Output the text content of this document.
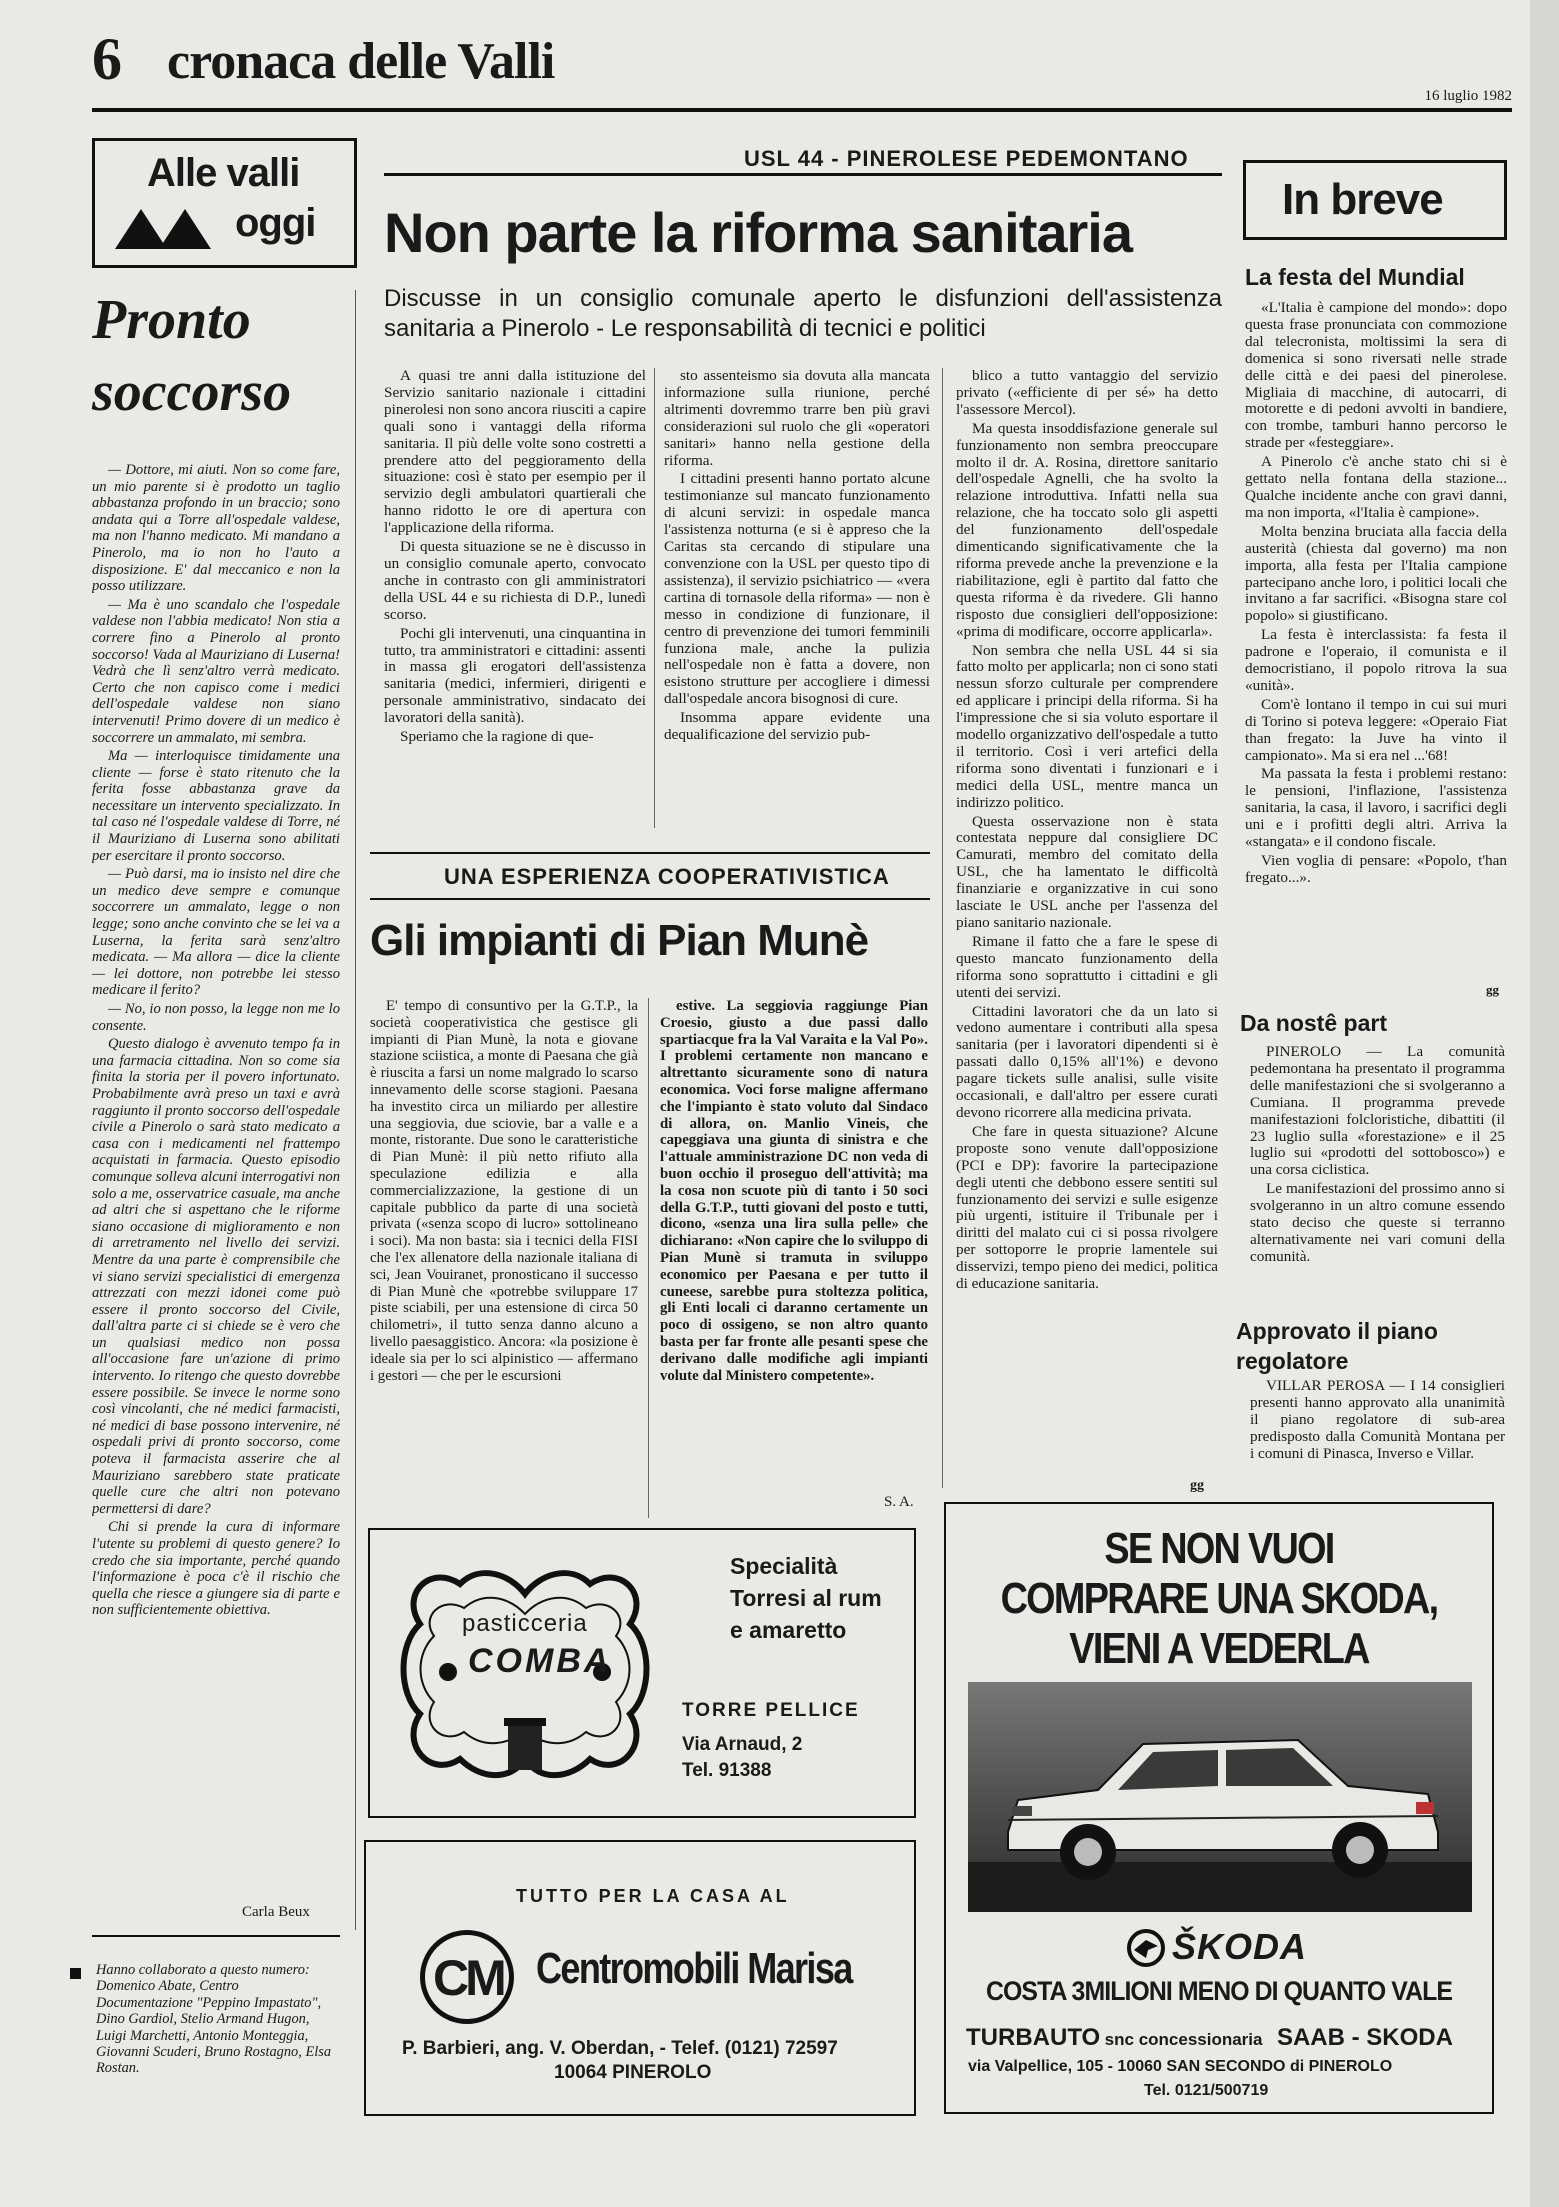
6 cronaca delle Valli
16 luglio 1982
Alle valli
oggi
Pronto
soccorso

— Dottore, mi aiuti. Non so come fare, un mio parente si è prodotto un taglio abbastanza profondo in un braccio; sono andata qui a Torre all'ospedale valdese, ma non l'hanno medicato. Mi mandano a Pinerolo, ma io non ho l'auto a disposizione. E' dal meccanico e non la posso utilizzare.

— Ma è uno scandalo che l'ospedale valdese non l'abbia medicato! Non stia a correre fino a Pinerolo al pronto soccorso! Vada al Mauriziano di Luserna! Vedrà che lì senz'altro verrà medicato. Certo che non capisco come i medici dell'ospedale valdese non siano intervenuti! Primo dovere di un medico è soccorrere un ammalato, mi sembra.

Ma — interloquisce timidamente una cliente — forse è stato ritenuto che la ferita fosse abbastanza grave da necessitare un intervento specializzato. In tal caso né l'ospedale valdese di Torre, né il Mauriziano di Luserna sono abilitati per esercitare il pronto soccorso.

— Può darsi, ma io insisto nel dire che un medico deve sempre e comunque soccorrere un ammalato, legge o non legge; sono anche convinto che se lei va a Luserna, la ferita sarà senz'altro medicata. — Ma allora — dice la cliente — lei dottore, non potrebbe lei stesso medicare il ferito?

— No, io non posso, la legge non me lo consente.

Questo dialogo è avvenuto tempo fa in una farmacia cittadina. Non so come sia finita la storia per il povero infortunato. Probabilmente avrà preso un taxi e avrà raggiunto il pronto soccorso dell'ospedale civile a Pinerolo o sarà stato medicato a casa con i medicamenti nel frattempo acquistati in farmacia. Questo episodio comunque solleva alcuni interrogativi non solo a me, osservatrice casuale, ma anche ad altri che si aspettano che le riforme siano occasione di miglioramento e non di arretramento nel livello dei servizi. Mentre da una parte è comprensibile che vi siano servizi specialistici di emergenza attrezzati con mezzi idonei come può essere il pronto soccorso del Civile, dall'altra parte ci si chiede se è vero che un qualsiasi medico non possa all'occasione fare un'azione di primo intervento. Io ritengo che questo dovrebbe essere possibile. Se invece le norme sono così vincolanti, che né medici farmacisti, né medici di base possono intervenire, né ospedali privi di pronto soccorso, come poteva il farmacista asserire che al Mauriziano sarebbero state praticate quelle cure che altri non potevano permettersi di dare?

Chi si prende la cura di informare l'utente su problemi di questo genere? Io credo che sia importante, perché quando l'informazione è poca c'è il rischio che quella che riesce a giungere sia di parte e non sufficientemente obiettiva.

Carla Beux
Hanno collaborato a questo numero: Domenico Abate, Centro Documentazione "Peppino Impastato", Dino Gardiol, Stelio Armand Hugon, Luigi Marchetti, Antonio Monteggia, Giovanni Scuderi, Bruno Rostagno, Elsa Rostan.
USL 44 - PINEROLESE PEDEMONTANO
Non parte la riforma sanitaria
Discusse in un consiglio comunale aperto le disfunzioni dell'assistenza sanitaria a Pinerolo - Le responsabilità di tecnici e politici

A quasi tre anni dalla istituzione del Servizio sanitario nazionale i cittadini pinerolesi non sono ancora riusciti a capire quali sono i vantaggi della riforma sanitaria. Il più delle volte sono costretti a prendere atto del peggioramento della situazione: così è stato per esempio per il servizio degli ambulatori quartierali che hanno ridotto le ore di apertura con l'applicazione della riforma.

Di questa situazione se ne è discusso in un consiglio comunale aperto, convocato anche in contrasto con gli amministratori della USL 44 e su richiesta di D.P., lunedì scorso.

Pochi gli intervenuti, una cinquantina in tutto, tra amministratori e cittadini: assenti in massa gli erogatori dell'assistenza sanitaria (medici, infermieri, dirigenti e personale amministrativo, sindacato dei lavoratori della sanità).

Speriamo che la ragione di que-

sto assenteismo sia dovuta alla mancata informazione sulla riunione, perché altrimenti dovremmo trarre ben più gravi considerazioni sul ruolo che gli «operatori sanitari» hanno nella gestione della riforma.

I cittadini presenti hanno portato alcune testimonianze sul mancato funzionamento di alcuni servizi: in ospedale manca l'assistenza notturna (e si è appreso che la Caritas sta cercando di stipulare una convenzione con la USL per questo tipo di assistenza), il servizio psichiatrico — «vera cartina di tornasole della riforma» — non è messo in condizione di funzionare, il centro di prevenzione dei tumori femminili funziona male, anche la pulizia nell'ospedale non è fatta a dovere, non esistono strutture per accogliere i dimessi dall'ospedale ancora bisognosi di cure.

Insomma appare evidente una dequalificazione del servizio pub-

blico a tutto vantaggio del servizio privato («efficiente di per sé» ha detto l'assessore Mercol).

Ma questa insoddisfazione generale sul funzionamento non sembra preoccupare molto il dr. A. Rosina, direttore sanitario dell'ospedale Agnelli, che ha svolto la relazione introduttiva. Infatti nella sua relazione, che ha toccato solo gli aspetti del funzionamento dell'ospedale dimenticando significativamente che la riforma prevede anche la prevenzione e la riabilitazione, egli è partito dal fatto che questa riforma è da rivedere. Gli hanno risposto due consiglieri dell'opposizione: «prima di modificare, occorre applicarla».

Non sembra che nella USL 44 si sia fatto molto per applicarla; non ci sono stati nessun sforzo culturale per comprendere ed applicare i principi della riforma. Si ha l'impressione che si sia voluto esportare il modello organizzativo dell'ospedale a tutto il territorio. Così i veri artefici della riforma sono diventati i funzionari e i medici della USL, mentre manca un indirizzo politico.

Questa osservazione non è stata contestata neppure dal consigliere DC Camurati, membro del comitato della USL, che ha lamentato le difficoltà finanziarie e organizzative in cui sono lasciate le USL anche per l'assenza del piano sanitario nazionale.

Rimane il fatto che a fare le spese di questo mancato funzionamento della riforma sono soprattutto i cittadini e gli utenti dei servizi.

Cittadini lavoratori che da un lato si vedono aumentare i contributi alla spesa sanitaria (per i lavoratori dipendenti si è passati dallo 0,15% all'1%) e devono pagare tickets sulle analisi, sulle visite occasionali, e dall'altro per essere curati devono ricorrere alla medicina privata.

Che fare in questa situazione? Alcune proposte sono venute dall'opposizione (PCI e DP): favorire la partecipazione degli utenti che debbono essere sentiti sul funzionamento dei servizi e sulle esigenze più urgenti, istituire il Tribunale per i diritti del malato cui ci si possa rivolgere per sottoporre le proprie lamentele sui disservizi, tempo pieno dei medici, politica di educazione sanitaria.

gg
UNA ESPERIENZA COOPERATIVISTICA
Gli impianti di Pian Munè

E' tempo di consuntivo per la G.T.P., la società cooperativistica che gestisce gli impianti di Pian Munè, la nota e giovane stazione sciistica, a monte di Paesana che già è riuscita a farsi un nome malgrado lo scarso innevamento delle scorse stagioni. Paesana ha investito circa un miliardo per allestire una seggiovia, due sciovie, bar a valle e a monte, ristorante. Due sono le caratteristiche di Pian Munè: il più netto rifiuto alla speculazione edilizia e alla commercializzazione, la gestione di un capitale pubblico da parte di una società privata («senza scopo di lucro» sottolineano i soci). Ma non basta: sia i tecnici della FISI che l'ex allenatore della nazionale italiana di sci, Jean Vouiranet, pronosticano il successo di Pian Munè che «potrebbe sviluppare 17 piste sciabili, per una estensione di circa 50 chilometri», il tutto senza danno alcuno a livello paesaggistico. Ancora: «la posizione è ideale sia per lo sci alpinistico — affermano i gestori — che per le escursioni

estive. La seggiovia raggiunge Pian Croesio, giusto a due passi dallo spartiacque fra la Val Varaita e la Val Po». I problemi certamente non mancano e altrettanto sicuramente sono di natura economica. Voci forse maligne affermano che l'impianto è stato voluto dal Sindaco di allora, on. Manlio Vineis, che capeggiava una giunta di sinistra e che l'attuale amministrazione DC non veda di buon occhio il proseguo dell'attività; ma la cosa non scuote più di tanto i 50 soci della G.T.P., tutti giovani del posto e tutti, dicono, «senza una lira sulla pelle» che dichiarano: «Non capire che lo sviluppo di Pian Munè si tramuta in sviluppo economico per Paesana e per tutto il cuneese, sarebbe pura stoltezza politica, gli Enti locali ci daranno certamente un poco di ossigeno, se non altro quanto basta per far fronte alle pesanti spese che derivano dalle modifiche agli impianti volute dal Ministero competente».

S. A.
In breve
La festa del Mundial

«L'Italia è campione del mondo»: dopo questa frase pronunciata con commozione dal telecronista, moltissimi la sera di domenica si sono riversati nelle strade delle città e dei paesi del pinerolese. Migliaia di macchine, di autocarri, di motorette e di pedoni avvolti in bandiere, con trombe, tamburi hanno percorso le strade per «festeggiare».

A Pinerolo c'è anche stato chi si è gettato nella fontana della stazione... Qualche incidente anche con gravi danni, ma non importa, «l'Italia è campione».

Molta benzina bruciata alla faccia della austerità (chiesta dal governo) ma non importa, alla festa per l'Italia campione partecipano anche loro, i politici locali che invitano a far sacrifici. «Bisogna stare col popolo» si giustificano.

La festa è interclassista: fa festa il padrone e l'operaio, il comunista e il democristiano, il popolo ritrova la sua «unità».

Com'è lontano il tempo in cui sui muri di Torino si poteva leggere: «Operaio Fiat than fregato: la Juve ha vinto il campionato». Ma si era nel ...'68!

Ma passata la festa i problemi restano: le pensioni, l'inflazione, l'assistenza sanitaria, la casa, il lavoro, i sacrifici degli uni e i profitti degli altri. Arriva la «stangata» e il condono fiscale.

Vien voglia di pensare: «Popolo, t'han fregato...».

gg
Da nostê part

PINEROLO — La comunità pedemontana ha presentato il programma delle manifestazioni che si svolgeranno a Cumiana. Il programma prevede manifestazioni folcloristiche, dibattiti (il 23 luglio sulla «forestazione» e il 25 luglio sui «prodotti del sottobosco») e una corsa ciclistica.

Le manifestazioni del prossimo anno si svolgeranno in un altro comune essendo stato deciso che queste si terranno alternativamente nei vari comuni della comunità.

Approvato il piano regolatore

VILLAR PEROSA — I 14 consiglieri presenti hanno approvato alla unanimità il piano regolatore di sub-area predisposto dalla Comunità Montana per i comuni di Pinasca, Inverso e Villar.

pasticceria
COMBA
Specialità
Torresi al rum
e amaretto
TORRE PELLICE
Via Arnaud, 2
Tel. 91388
TUTTO PER LA CASA AL
CM Centromobili Marisa
P. Barbieri, ang. V. Oberdan, - Telef. (0121) 72597
10064 PINEROLO
SE NON VUOI
COMPRARE UNA SKODA,
VIENI A VEDERLA
ŠKODA
COSTA 3MILIONI MENO DI QUANTO VALE
TURBAUTO snc concessionaria SAAB - SKODA
via Valpellice, 105 - 10060 SAN SECONDO di PINEROLO
Tel. 0121/500719
